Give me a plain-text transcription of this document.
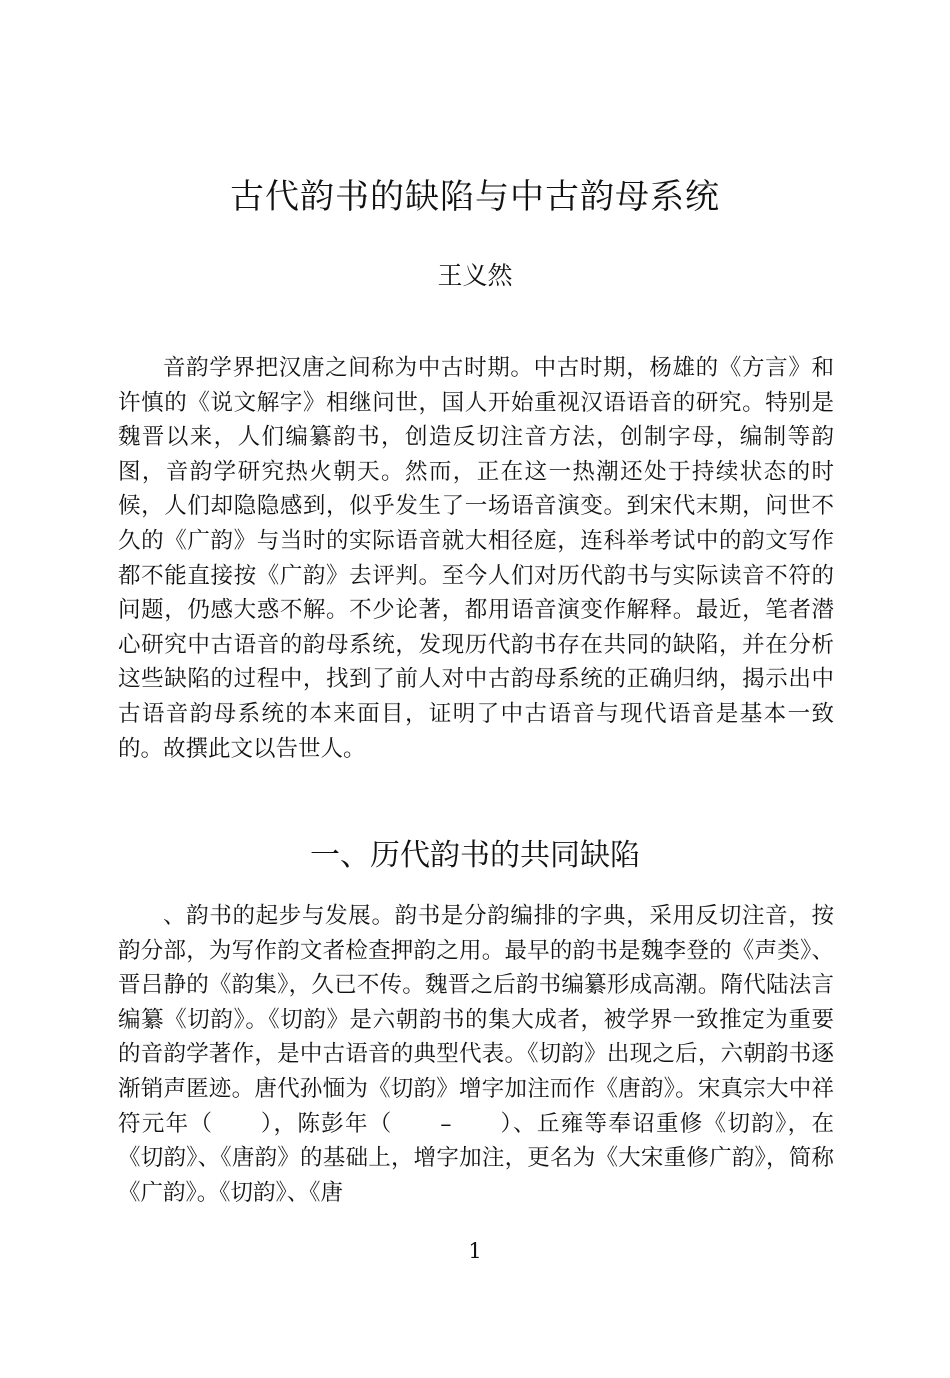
古代韵书的缺陷与中古韵母系统
王义然

音韵学界把汉唐之间称为中古时期。中古时期，杨雄的《方言》和许慎的《说文解字》相继问世，国人开始重视汉语语音的研究。特别是魏晋以来，人们编纂韵书，创造反切注音方法，创制字母，编制等韵图，音韵学研究热火朝天。然而，正在这一热潮还处于持续状态的时候，人们却隐隐感到，似乎发生了一场语音演变。到宋代末期，问世不久的《广韵》与当时的实际语音就大相径庭，连科举考试中的韵文写作都不能直接按《广韵》去评判。至今人们对历代韵书与实际读音不符的问题，仍感大惑不解。不少论著，都用语音演变作解释。最近，笔者潜心研究中古语音的韵母系统，发现历代韵书存在共同的缺陷，并在分析这些缺陷的过程中，找到了前人对中古韵母系统的正确归纳，揭示出中古语音韵母系统的本来面目，证明了中古语音与现代语音是基本一致的。故撰此文以告世人。

一、历代韵书的共同缺陷

、韵书的起步与发展。韵书是分韵编排的字典，采用反切注音，按韵分部，为写作韵文者检查押韵之用。最早的韵书是魏李登的《声类》、晋吕静的《韵集》，久已不传。魏晋之后韵书编纂形成高潮。隋代陆法言编纂《切韵》。《切韵》是六朝韵书的集大成者，被学界一致推定为重要的音韵学著作，是中古语音的典型代表。《切韵》出现之后，六朝韵书逐渐销声匿迹。唐代孙愐为《切韵》增字加注而作《唐韵》。宋真宗大中祥符元年（　　），陈彭年（　　–　　）、丘雍等奉诏重修《切韵》，在《切韵》、《唐韵》的基础上，增字加注，更名为《大宋重修广韵》，简称《广韵》。《切韵》、《唐

1
